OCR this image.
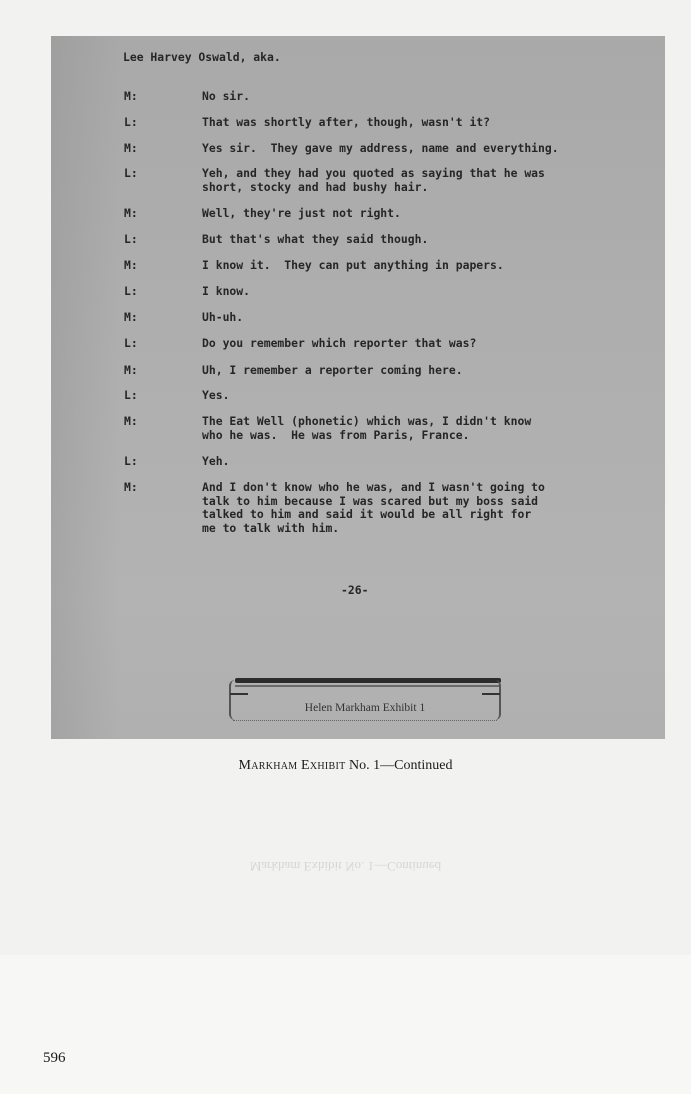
Lee Harvey Oswald, aka.
M:	No sir.
L:	That was shortly after, though, wasn't it?
M:	Yes sir.  They gave my address, name and everything.
L:	Yeh, and they had you quoted as saying that he was
short, stocky and had bushy hair.
M:	Well, they're just not right.
L:	But that's what they said though.
M:	I know it.  They can put anything in papers.
L:	I know.
M:	Uh-uh.
L:	Do you remember which reporter that was?
M:	Uh, I remember a reporter coming here.
L:	Yes.
M:	The Eat Well (phonetic) which was, I didn't know
who he was.  He was from Paris, France.
L:	Yeh.
M:	And I don't know who he was, and I wasn't going to
talk to him because I was scared but my boss said
talked to him and said it would be all right for
me to talk with him.
-26-
Helen Markham Exhibit 1
Markham Exhibit No. 1—Continued
Markham Exhibit No. 1—Continued
596
